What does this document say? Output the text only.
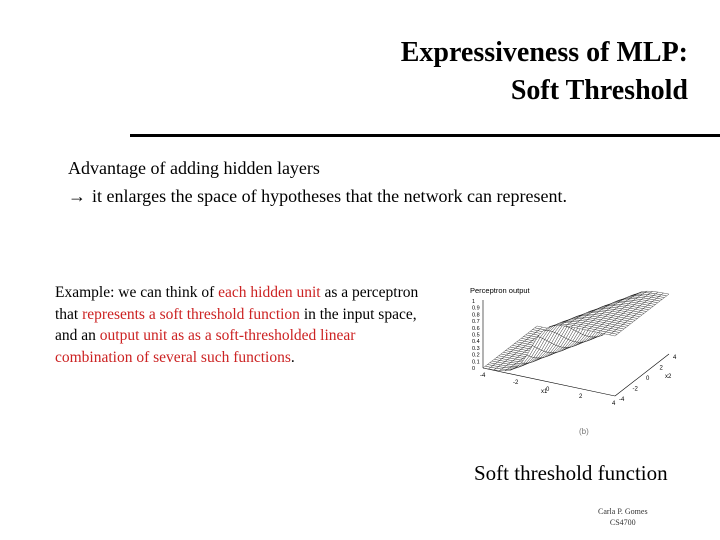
Expressiveness of MLP:
Soft Threshold
Advantage of adding hidden layers
→ it enlarges the space of hypotheses that the network can represent.
Example: we can think of each hidden unit as a perceptron that represents a soft threshold function in the input space, and an output unit as as a soft-thresholded linear combination of several such functions.
Perceptron output
1
0.9
0.8
0.7
0.6
0.5
0.4
0.3
0.2
0.1
0
-4
-2
0
2
4
-4
-2
0
2
4
x1
x2
(b)
Soft threshold function
Carla P. Gomes
CS4700
